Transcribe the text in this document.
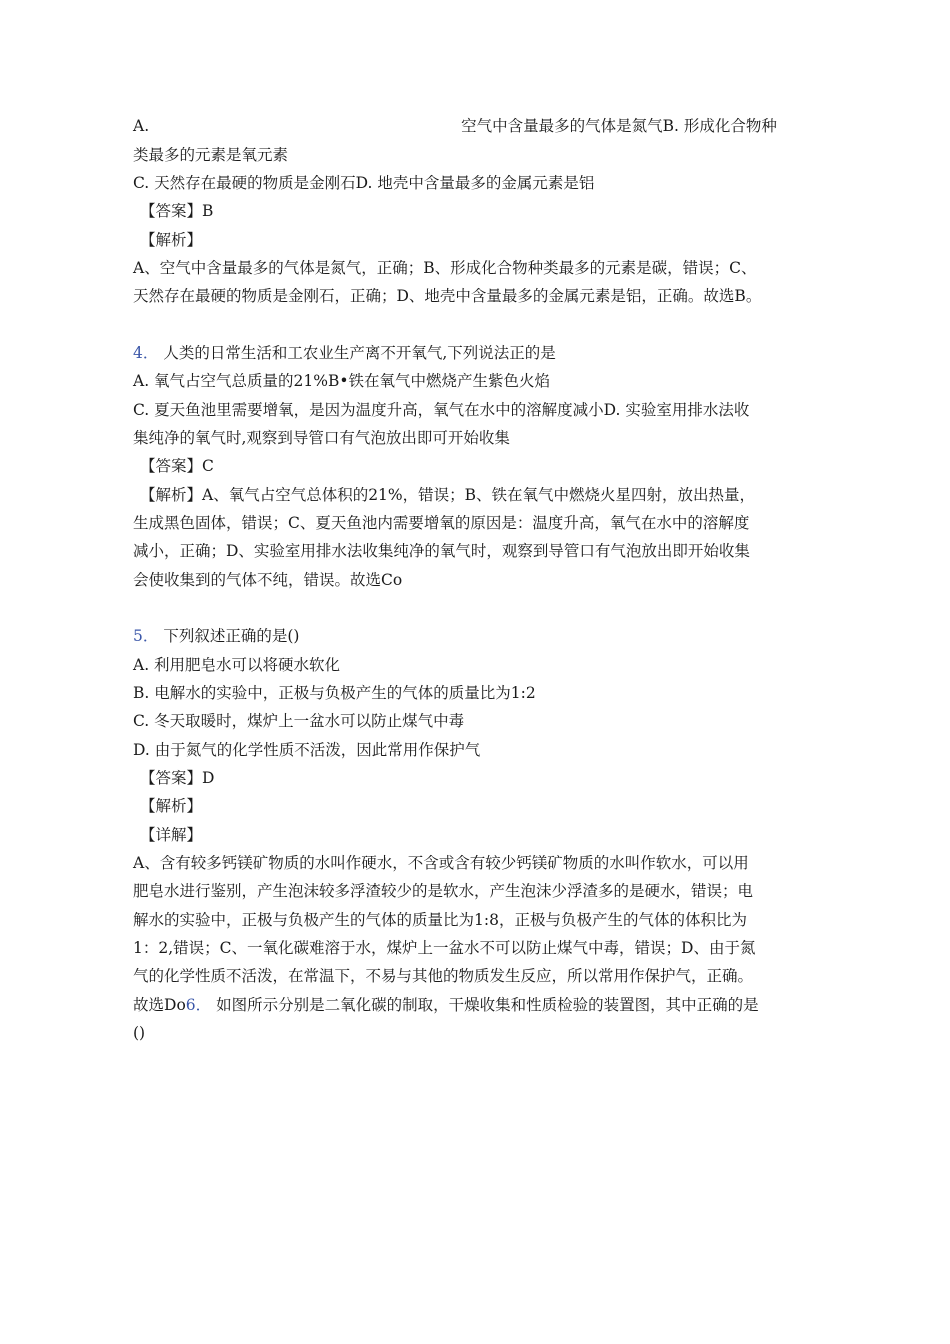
A.	空气中含量最多的气体是氮气B. 形成化合物种
类最多的元素是氧元素
C. 天然存在最硬的物质是金刚石D. 地壳中含量最多的金属元素是铝
【答案】B
【解析】
A、空气中含量最多的气体是氮气，正确；B、形成化合物种类最多的元素是碳，错误；C、
天然存在最硬的物质是金刚石，正确；D、地壳中含量最多的金属元素是铝，正确。故选B。
4． 人类的日常生活和工农业生产离不开氧气,下列说法正的是
A. 氧气占空气总质量的21%B•铁在氧气中燃烧产生紫色火焰
C. 夏天鱼池里需要增氧，是因为温度升高，氧气在水中的溶解度减小D. 实验室用排水法收
集纯净的氧气时,观察到导管口有气泡放出即可开始收集
【答案】C
【解析】A、氧气占空气总体积的21%，错误；B、铁在氧气中燃烧火星四射，放出热量，
生成黑色固体，错误；C、夏天鱼池内需要增氧的原因是：温度升高，氧气在水中的溶解度
减小，正确；D、实验室用排水法收集纯净的氧气时，观察到导管口有气泡放出即开始收集
会使收集到的气体不纯，错误。故选Co
5． 下列叙述正确的是()
A. 利用肥皂水可以将硬水软化
B. 电解水的实验中，正极与负极产生的气体的质量比为1:2
C. 冬天取暖时，煤炉上一盆水可以防止煤气中毒
D. 由于氮气的化学性质不活泼，因此常用作保护气
【答案】D
【解析】
【详解】
A、含有较多钙镁矿物质的水叫作硬水，不含或含有较少钙镁矿物质的水叫作软水，可以用
肥皂水进行鉴别，产生泡沫较多浮渣较少的是软水，产生泡沫少浮渣多的是硬水，错误；电
解水的实验中，正极与负极产生的气体的质量比为1:8，正极与负极产生的气体的体积比为
1：2,错误；C、一氧化碳难溶于水，煤炉上一盆水不可以防止煤气中毒，错误；D、由于氮
气的化学性质不活泼，在常温下，不易与其他的物质发生反应，所以常用作保护气，正确。
故选Do6． 如图所示分别是二氧化碳的制取，干燥收集和性质检验的装置图，其中正确的是
()
